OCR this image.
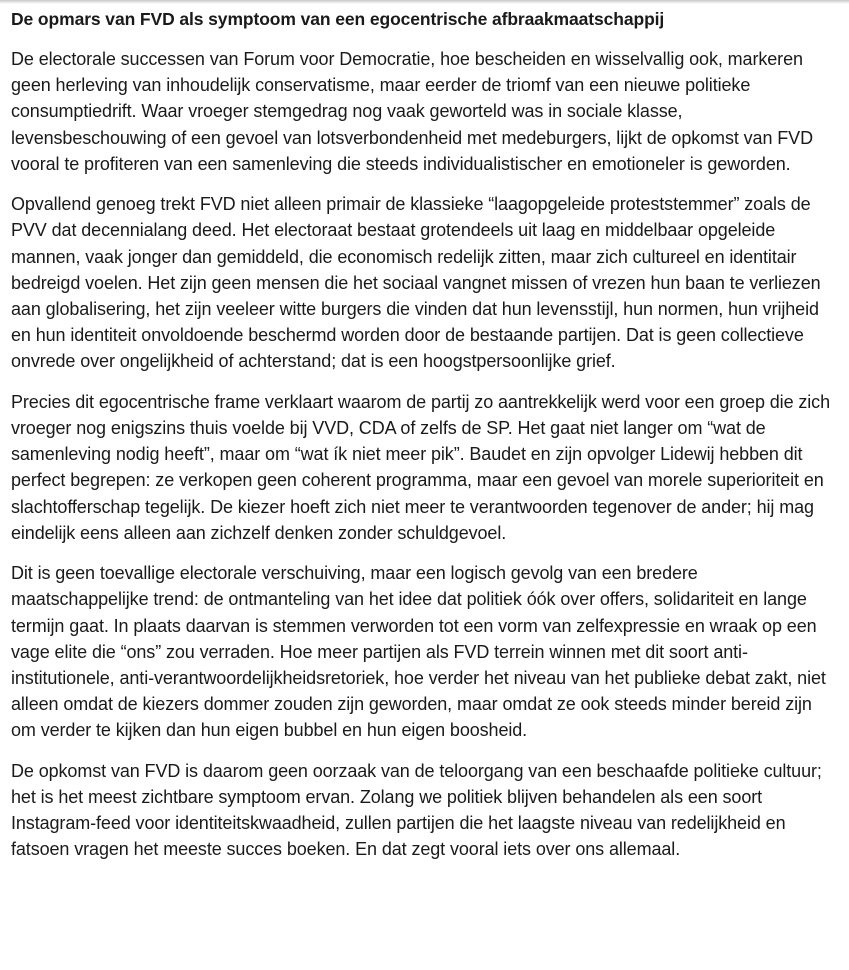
De opmars van FVD als symptoom van een egocentrische afbraakmaatschappij

De electorale successen van Forum voor Democratie, hoe bescheiden en wisselvallig ook, markeren geen herleving van inhoudelijk conservatisme, maar eerder de triomf van een nieuwe politieke consumptiedrift. Waar vroeger stemgedrag nog vaak geworteld was in sociale klasse, levensbeschouwing of een gevoel van lotsverbondenheid met medeburgers, lijkt de opkomst van FVD vooral te profiteren van een samenleving die steeds individualistischer en emotioneler is geworden.

Opvallend genoeg trekt FVD niet alleen primair de klassieke “laagopgeleide proteststemmer” zoals de PVV dat decennialang deed. Het electoraat bestaat grotendeels uit laag en middelbaar opgeleide mannen, vaak jonger dan gemiddeld, die economisch redelijk zitten, maar zich cultureel en identitair bedreigd voelen. Het zijn geen mensen die het sociaal vangnet missen of vrezen hun baan te verliezen aan globalisering, het zijn veeleer witte burgers die vinden dat hun levensstijl, hun normen, hun vrijheid en hun identiteit onvoldoende beschermd worden door de bestaande partijen. Dat is geen collectieve onvrede over ongelijkheid of achterstand; dat is een hoogstpersoonlijke grief.

Precies dit egocentrische frame verklaart waarom de partij zo aantrekkelijk werd voor een groep die zich vroeger nog enigszins thuis voelde bij VVD, CDA of zelfs de SP. Het gaat niet langer om “wat de samenleving nodig heeft”, maar om “wat ík niet meer pik”. Baudet en zijn opvolger Lidewij hebben dit perfect begrepen: ze verkopen geen coherent programma, maar een gevoel van morele superioriteit en slachtofferschap tegelijk. De kiezer hoeft zich niet meer te verantwoorden tegenover de ander; hij mag eindelijk eens alleen aan zichzelf denken zonder schuldgevoel.

Dit is geen toevallige electorale verschuiving, maar een logisch gevolg van een bredere maatschappelijke trend: de ontmanteling van het idee dat politiek óók over offers, solidariteit en lange termijn gaat. In plaats daarvan is stemmen verworden tot een vorm van zelfexpressie en wraak op een vage elite die “ons” zou verraden. Hoe meer partijen als FVD terrein winnen met dit soort anti-institutionele, anti-verantwoordelijkheidsretoriek, hoe verder het niveau van het publieke debat zakt, niet alleen omdat de kiezers dommer zouden zijn geworden, maar omdat ze ook steeds minder bereid zijn om verder te kijken dan hun eigen bubbel en hun eigen boosheid.

De opkomst van FVD is daarom geen oorzaak van de teloorgang van een beschaafde politieke cultuur; het is het meest zichtbare symptoom ervan. Zolang we politiek blijven behandelen als een soort Instagram-feed voor identiteitskwaadheid, zullen partijen die het laagste niveau van redelijkheid en fatsoen vragen het meeste succes boeken. En dat zegt vooral iets over ons allemaal.
